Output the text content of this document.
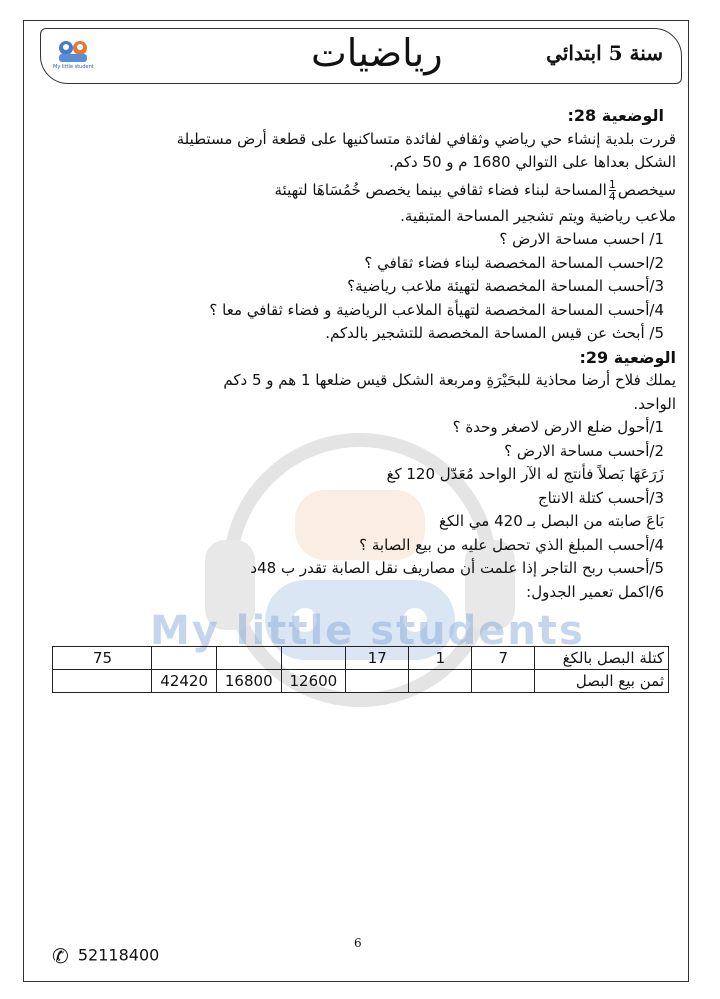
سنة 5 ابتدائي
رياضيات
My little student
My little students
الوضعية 28:
قررت بلدية إنشاء حي رياضي وثقافي لفائدة متساكنيها على قطعة أرض مستطيلة
الشكل بعداها على التوالي 1680 م و 50 دكم.
سيخصص
$\frac{1}{4}$
المساحة لبناء فضاء ثقافي بينما يخصص خُمُسَاهَا لتهيئة
ملاعب رياضية ويتم تشجير المساحة المتبقية.
1/ احسب مساحة الارض ؟
2/احسب المساحة المخصصة لبناء فضاء ثقافي ؟
3/أحسب المساحة المخصصة لتهيئة ملاعب رياضية؟
4/أحسب المساحة المخصصة لتهيأة الملاعب الرياضية و فضاء ثقافي معا ؟
5/ أبحث عن قيس المساحة المخصصة للتشجير بالدكم.
الوضعية 29:
يملك فلاح أرضا محاذية للبحَيْرَةِ ومربعة الشكل قيس ضلعها 1 هم و 5 دكم
الواحد.
1/أحول ضلع الارض لاصغر وحدة ؟
2/أحسب مساحة الارض ؟
زَرَعَهَا بَصلاً فأنتج له الآر الواحد مُعَدّل 120 كغ
3/أحسب كتلة الانتاج
بَاعَ صابته من البصل بـ 420 مي الكغ
4/أحسب المبلغ الذي تحصل عليه من بيع الصابة ؟
5/أحسب ربح التاجر إذا علمت أن مصاريف نقل الصابة تقدر ب 48د
6/اكمل تعمير الجدول:
كتلة البصل بالكغ	7	1	17				75
ثمن بيع البصل				12600	16800	42420	
6
✆ 52118400
